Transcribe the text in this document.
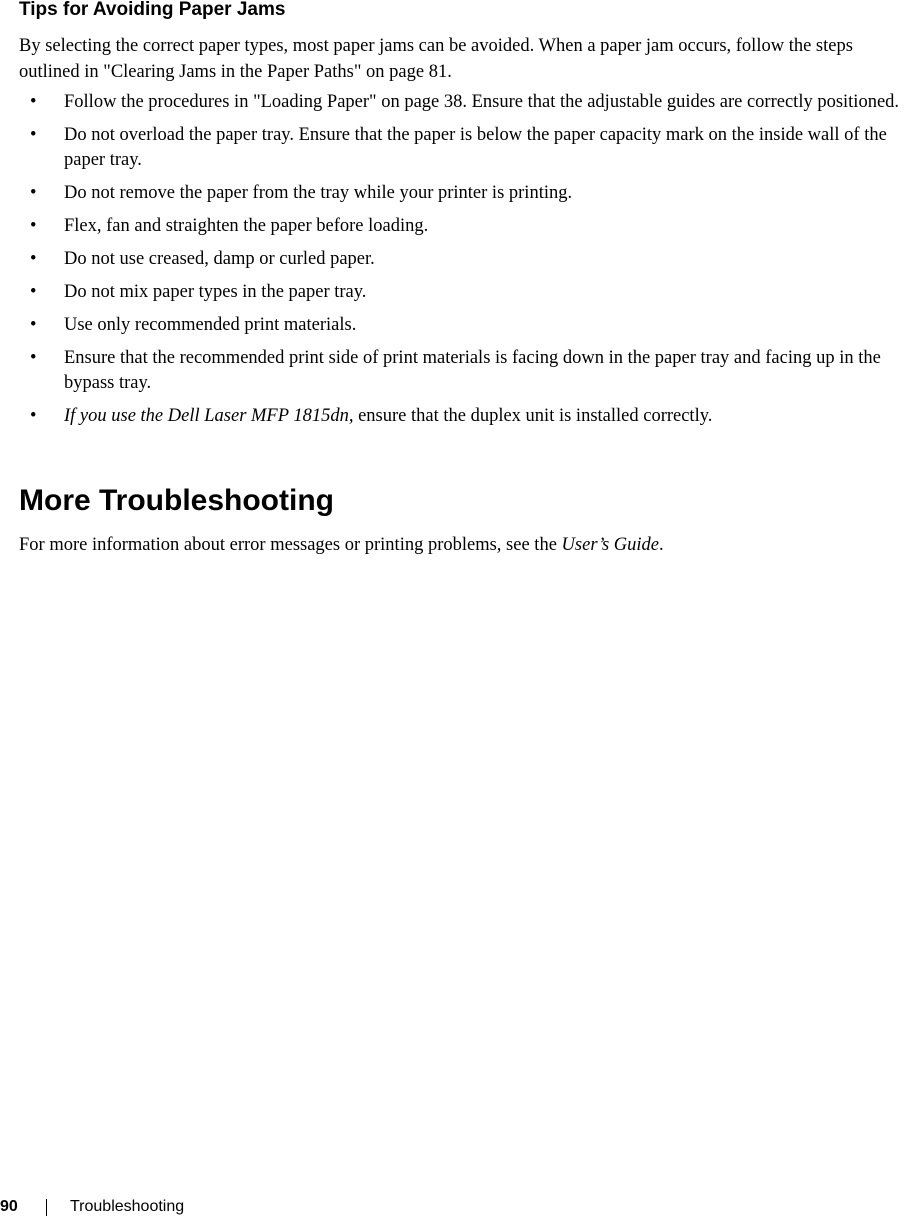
Tips for Avoiding Paper Jams

By selecting the correct paper types, most paper jams can be avoided. When a paper jam occurs, follow the steps outlined in "Clearing Jams in the Paper Paths" on page 81.

• Follow the procedures in "Loading Paper" on page 38. Ensure that the adjustable guides are correctly positioned.
• Do not overload the paper tray. Ensure that the paper is below the paper capacity mark on the inside wall of the paper tray.
• Do not remove the paper from the tray while your printer is printing.
• Flex, fan and straighten the paper before loading.
• Do not use creased, damp or curled paper.
• Do not mix paper types in the paper tray.
• Use only recommended print materials.
• Ensure that the recommended print side of print materials is facing down in the paper tray and facing up in the bypass tray.
• If you use the Dell Laser MFP 1815dn, ensure that the duplex unit is installed correctly.
More Troubleshooting

For more information about error messages or printing problems, see the User’s Guide.

90	Troubleshooting
